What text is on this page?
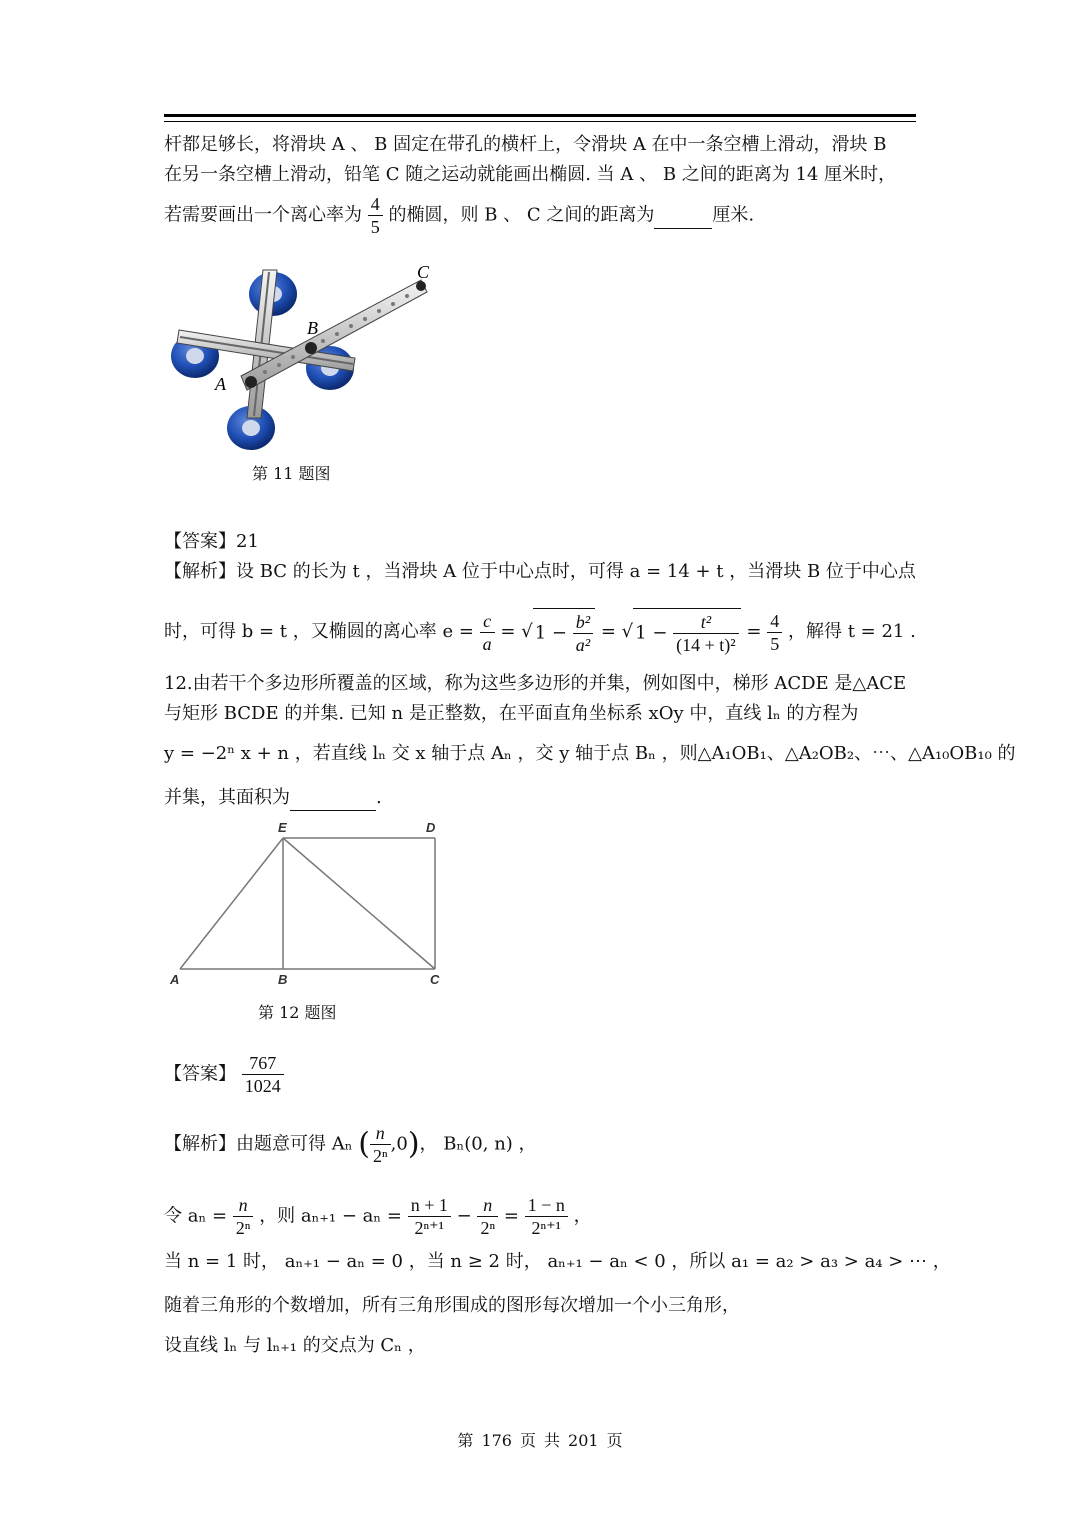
杆都足够长，将滑块 A 、 B 固定在带孔的横杆上，令滑块 A 在中一条空槽上滑动，滑块 B
在另一条空槽上滑动，铅笔 C 随之运动就能画出椭圆. 当 A 、 B 之间的距离为 14 厘米时，
若需要画出一个离心率为 $\frac{4}{5}$ 的椭圆，则 B 、 C 之间的距离为	厘米.
A
B
C
第 11 题图
【答案】21
【解析】设 BC 的长为 t ，当滑块 A 位于中心点时，可得 a = 14 + t ，当滑块 B 位于中心点
时，可得 b = t ，又椭圆的离心率 $e = \frac{c}{a}$ = √ $1 - \frac{\text{b²}}{\text{a²}}$ = √ $1 - \frac{\text{t²}}{\text{(14 + t)²}} = \frac{4}{5}$ ，解得 t = 21 .
12.由若干个多边形所覆盖的区域，称为这些多边形的并集，例如图中，梯形 ACDE 是△ACE
与矩形 BCDE 的并集. 已知 n 是正整数，在平面直角坐标系 xOy 中，直线 lₙ 的方程为
y = −2ⁿ x + n ，若直线 lₙ 交 x 轴于点 Aₙ ，交 y 轴于点 Bₙ ，则△A₁OB₁、△A₂OB₂、⋯、△A₁₀OB₁₀ 的
并集，其面积为	.
E	D
A	B	C
第 12 题图
【答案】 $\frac{767}{1024}$
【解析】由题意可得 Aₙ ( $\frac{n}{\text{2ⁿ}} ,0$)， Bₙ(0, n) ，
令 $a_n = \frac{n}{\text{2ⁿ}}$ ，则 $a_{n+1} - a_n = \frac{n + 1}{\text{2ⁿ⁺¹}} - \frac{n}{\text{2ⁿ}} = \frac{1 - n}{\text{2ⁿ⁺¹}}$ ，
当 n = 1 时， aₙ₊₁ − aₙ = 0 ，当 n ≥ 2 时， aₙ₊₁ − aₙ < 0 ，所以 a₁ = a₂ > a₃ > a₄ > ⋯ ，
随着三角形的个数增加，所有三角形围成的图形每次增加一个小三角形，
设直线 lₙ 与 lₙ₊₁ 的交点为 Cₙ ，
第 176 页 共 201 页
